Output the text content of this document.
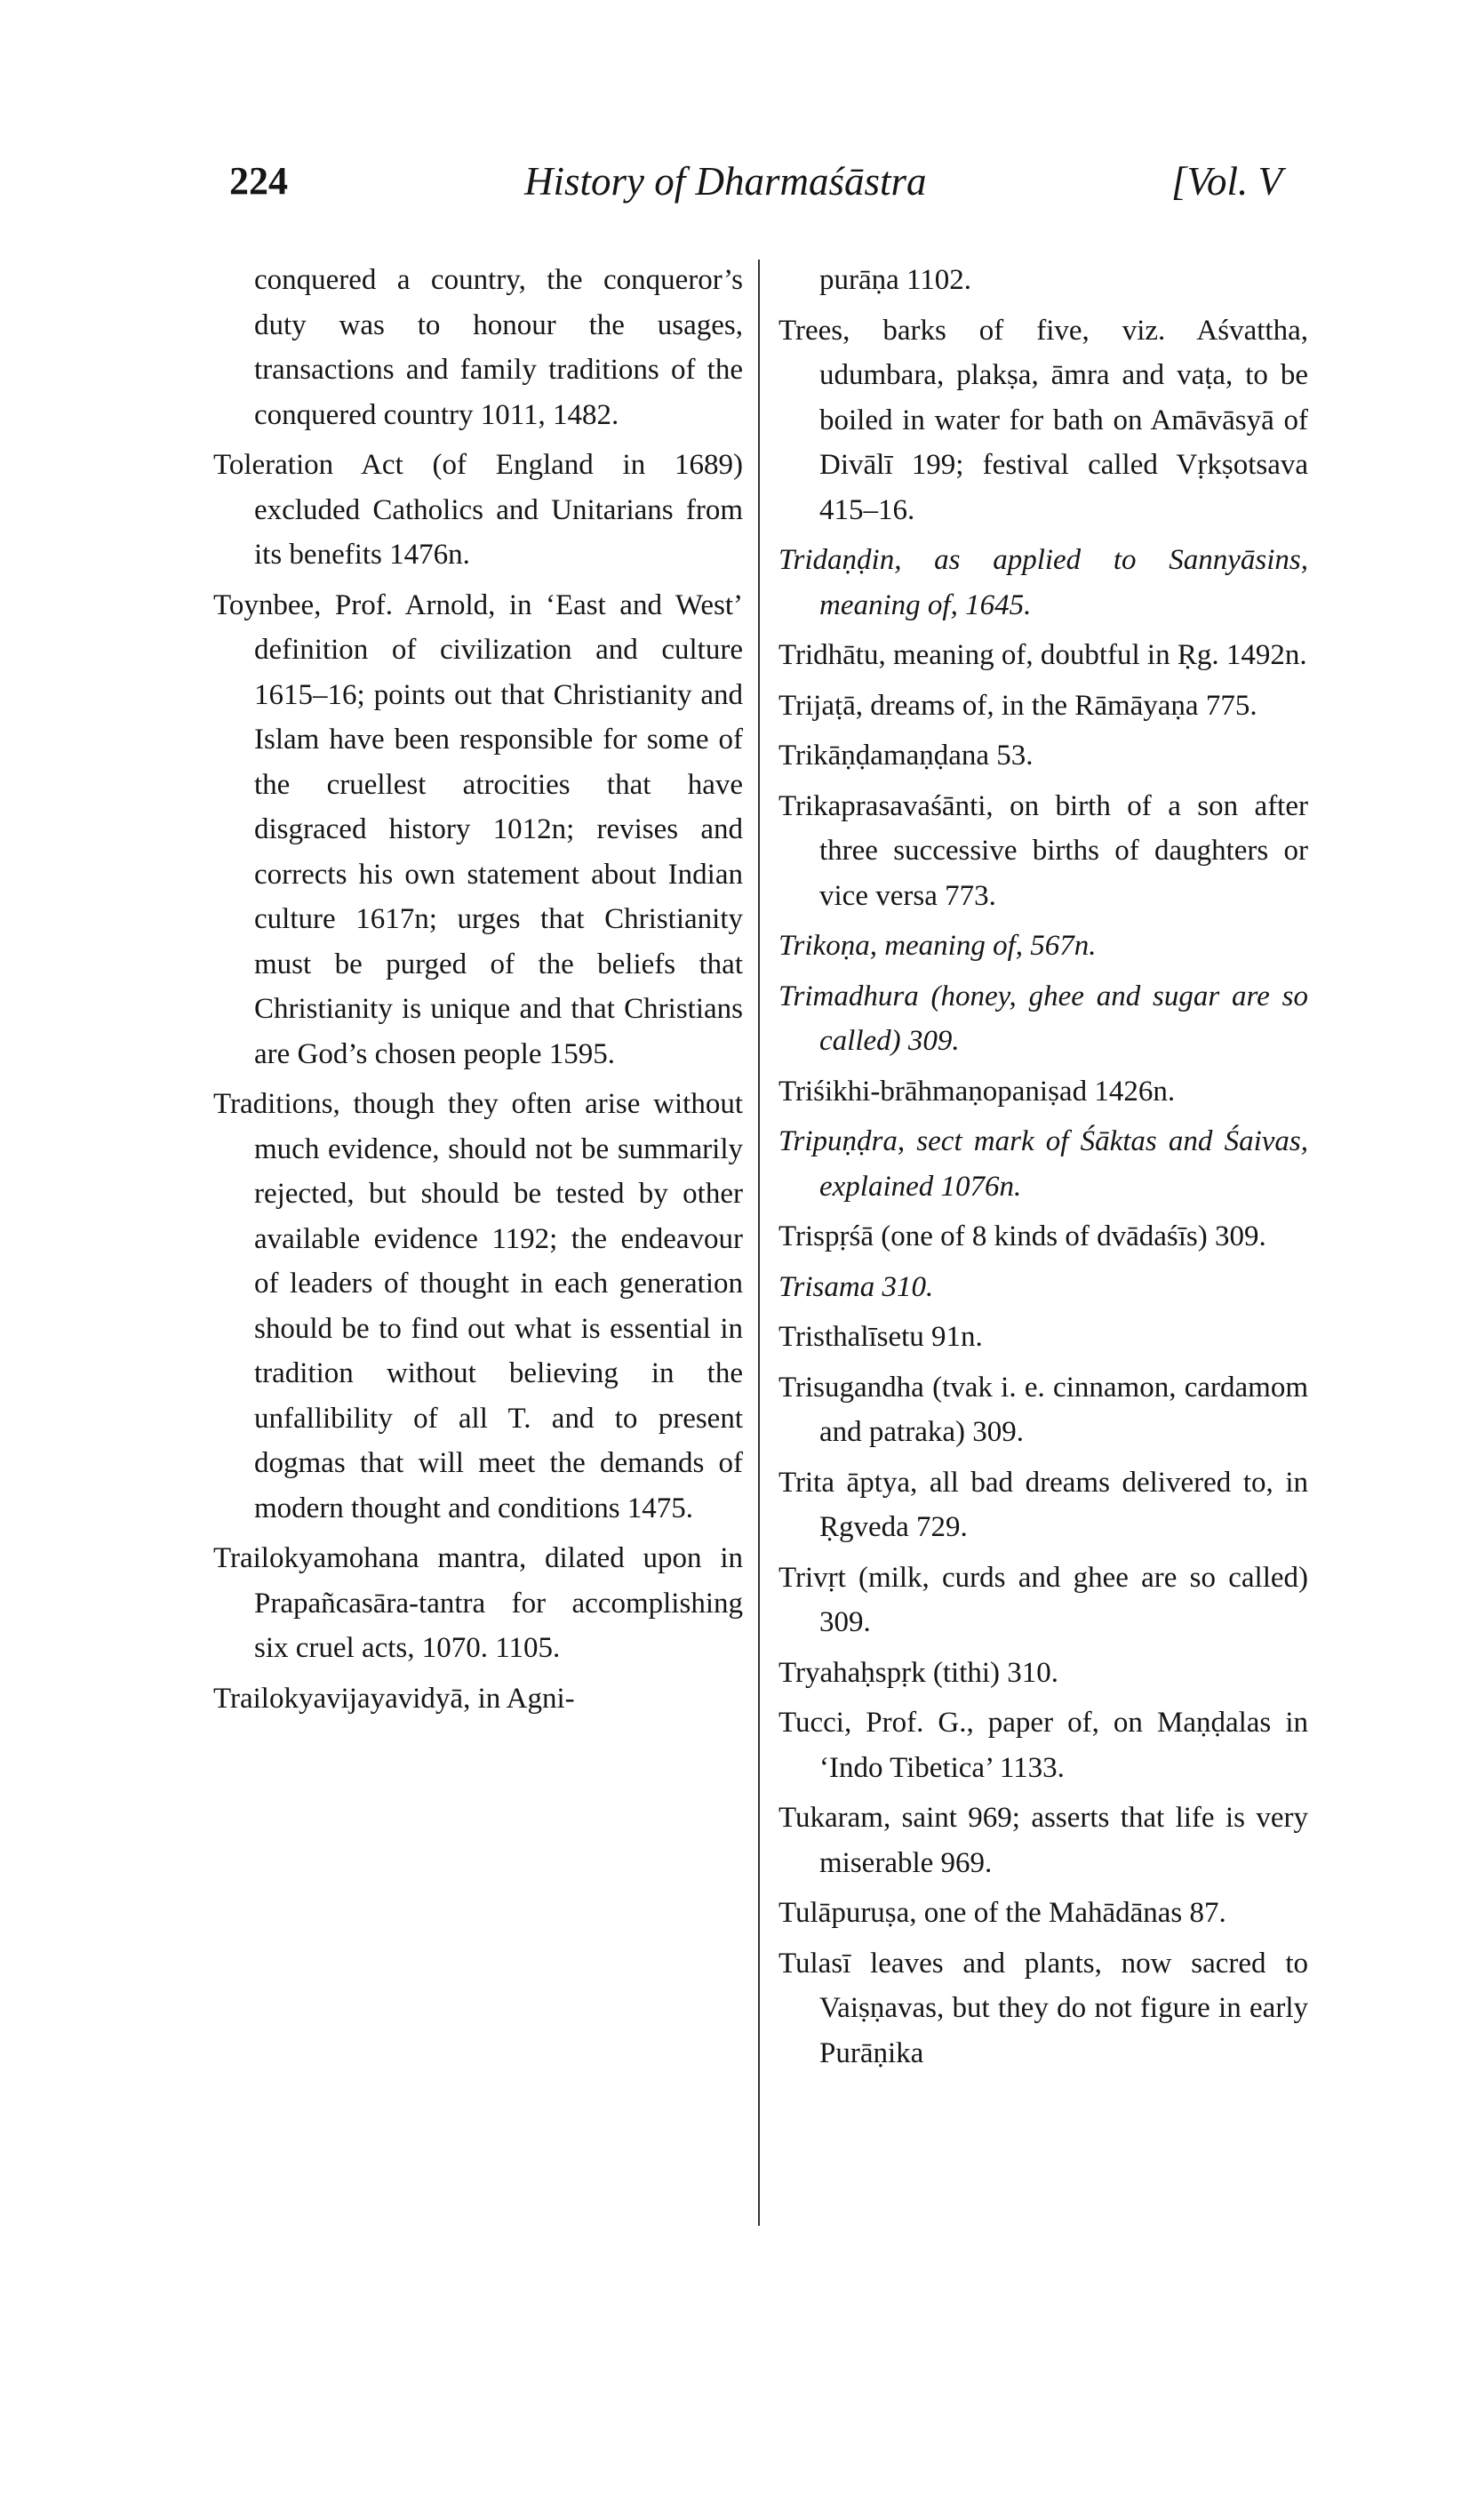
224	History of Dharmaśāstra	[Vol. V

conquered a country, the conqueror’s duty was to honour the usages, transactions and family traditions of the conquered country 1011, 1482.

Toleration Act (of England in 1689) excluded Catholics and Unitarians from its benefits 1476n.

Toynbee, Prof. Arnold, in ‘East and West’ definition of civilization and culture 1615–16; points out that Christianity and Islam have been responsible for some of the cruellest atrocities that have disgraced history 1012n; revises and corrects his own statement about Indian culture 1617n; urges that Christianity must be purged of the beliefs that Christianity is unique and that Christians are God’s chosen people 1595.

Traditions, though they often arise without much evidence, should not be summarily rejected, but should be tested by other available evidence 1192; the endeavour of leaders of thought in each generation should be to find out what is essential in tradition without believing in the unfallibility of all T. and to present dogmas that will meet the demands of modern thought and conditions 1475.

Trailokyamohana mantra, dilated upon in Prapañcasāra-tantra for accomplishing six cruel acts, 1070. 1105.

Trailokyavijayavidyā, in Agni-

purāṇa 1102.

Trees, barks of five, viz. Aśvattha, udumbara, plakṣa, āmra and vaṭa, to be boiled in water for bath on Amāvāsyā of Divālī 199; festival called Vṛkṣotsava 415–16.

Tridaṇḍin, as applied to Sannyāsins, meaning of, 1645.

Tridhātu, meaning of, doubtful in Ṛg. 1492n.

Trijaṭā, dreams of, in the Rāmāyaṇa 775.

Trikāṇḍamaṇḍana 53.

Trikaprasavaśānti, on birth of a son after three successive births of daughters or vice versa 773.

Trikoṇa, meaning of, 567n.

Trimadhura (honey, ghee and sugar are so called) 309.

Triśikhi-brāhmaṇopaniṣad 1426n.

Tripuṇḍra, sect mark of Śāktas and Śaivas, explained 1076n.

Trispṛśā (one of 8 kinds of dvādaśīs) 309.

Trisama 310.

Tristhalīsetu 91n.

Trisugandha (tvak i. e. cinnamon, cardamom and patraka) 309.

Trita āptya, all bad dreams delivered to, in Ṛgveda 729.

Trivṛt (milk, curds and ghee are so called) 309.

Tryahaḥspṛk (tithi) 310.

Tucci, Prof. G., paper of, on Maṇḍalas in ‘Indo Tibetica’ 1133.

Tukaram, saint 969; asserts that life is very miserable 969.

Tulāpuruṣa, one of the Mahādānas 87.

Tulasī leaves and plants, now sacred to Vaiṣṇavas, but they do not figure in early Purāṇika
